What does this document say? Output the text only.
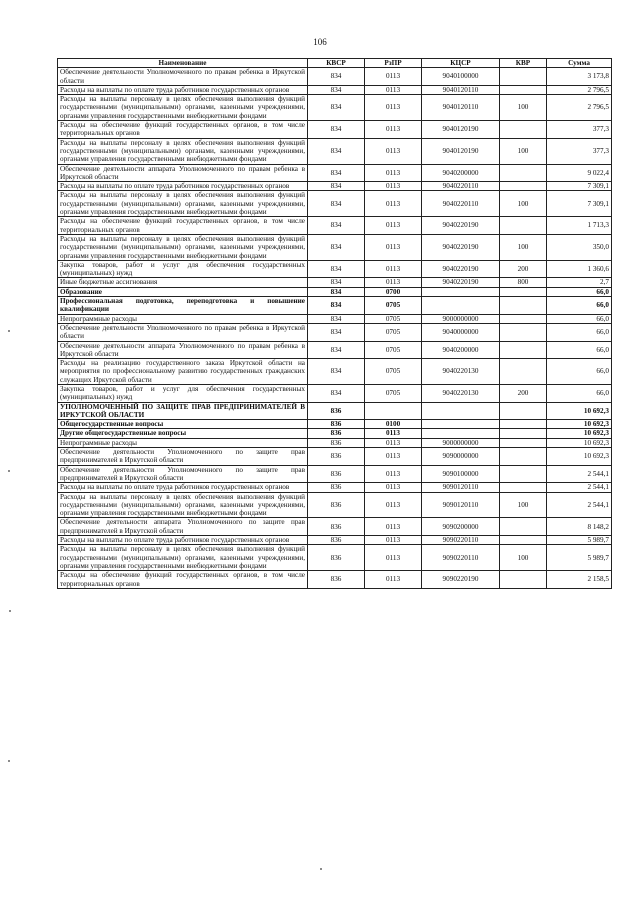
106
Наименование	КВСР	РзПР	КЦСР	КВР	Сумма
Обеспечение деятельности Уполномоченного по правам ребенка в Иркутской области	834	0113	9040100000		3 173,8
Расходы на выплаты по оплате труда работников государственных органов	834	0113	9040120110		2 796,5
Расходы на выплаты персоналу в целях обеспечения выполнения функций государственными (муниципальными) органами, казенными учреждениями, органами управления государственными внебюджетными фондами	834	0113	9040120110	100	2 796,5
Расходы на обеспечение функций государственных органов, в том числе территориальных органов	834	0113	9040120190		377,3
Расходы на выплаты персоналу в целях обеспечения выполнения функций государственными (муниципальными) органами, казенными учреждениями, органами управления государственными внебюджетными фондами	834	0113	9040120190	100	377,3
Обеспечение деятельности аппарата Уполномоченного по правам ребенка в Иркутской области	834	0113	9040200000		9 022,4
Расходы на выплаты по оплате труда работников государственных органов	834	0113	9040220110		7 309,1
Расходы на выплаты персоналу в целях обеспечения выполнения функций государственными (муниципальными) органами, казенными учреждениями, органами управления государственными внебюджетными фондами	834	0113	9040220110	100	7 309,1
Расходы на обеспечение функций государственных органов, в том числе территориальных органов	834	0113	9040220190		1 713,3
Расходы на выплаты персоналу в целях обеспечения выполнения функций государственными (муниципальными) органами, казенными учреждениями, органами управления государственными внебюджетными фондами	834	0113	9040220190	100	350,0
Закупка товаров, работ и услуг для обеспечения государственных (муниципальных) нужд	834	0113	9040220190	200	1 360,6
Иные бюджетные ассигнования	834	0113	9040220190	800	2,7
Образование	834	0700			66,0
Профессиональная подготовка, переподготовка и повышение квалификации	834	0705			66,0
Непрограммные расходы	834	0705	9000000000		66,0
Обеспечение деятельности Уполномоченного по правам ребенка в Иркутской области	834	0705	9040000000		66,0
Обеспечение деятельности аппарата Уполномоченного по правам ребенка в Иркутской области	834	0705	9040200000		66,0
Расходы на реализацию государственного заказа Иркутской области на мероприятия по профессиональному развитию государственных гражданских служащих Иркутской области	834	0705	9040220130		66,0
Закупка товаров, работ и услуг для обеспечения государственных (муниципальных) нужд	834	0705	9040220130	200	66,0
УПОЛНОМОЧЕННЫЙ ПО ЗАЩИТЕ ПРАВ ПРЕДПРИНИМАТЕЛЕЙ В ИРКУТСКОЙ ОБЛАСТИ	836				10 692,3
Общегосударственные вопросы	836	0100			10 692,3
Другие общегосударственные вопросы	836	0113			10 692,3
Непрограммные расходы	836	0113	9000000000		10 692,3
Обеспечение деятельности Уполномоченного по защите прав предпринимателей в Иркутской области	836	0113	9090000000		10 692,3
Обеспечение деятельности Уполномоченного по защите прав предпринимателей в Иркутской области	836	0113	9090100000		2 544,1
Расходы на выплаты по оплате труда работников государственных органов	836	0113	9090120110		2 544,1
Расходы на выплаты персоналу в целях обеспечения выполнения функций государственными (муниципальными) органами, казенными учреждениями, органами управления государственными внебюджетными фондами	836	0113	9090120110	100	2 544,1
Обеспечение деятельности аппарата Уполномоченного по защите прав предпринимателей в Иркутской области	836	0113	9090200000		8 148,2
Расходы на выплаты по оплате труда работников государственных органов	836	0113	9090220110		5 989,7
Расходы на выплаты персоналу в целях обеспечения выполнения функций государственными (муниципальными) органами, казенными учреждениями, органами управления государственными внебюджетными фондами	836	0113	9090220110	100	5 989,7
Расходы на обеспечение функций государственных органов, в том числе территориальных органов	836	0113	9090220190		2 158,5
